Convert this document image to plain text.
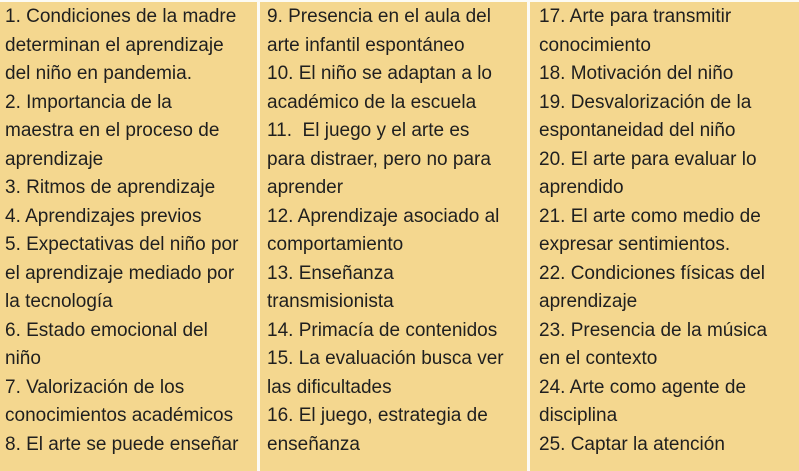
1. Condiciones de la madre determinan el aprendizaje del niño en pandemia.
2. Importancia de la maestra en el proceso de aprendizaje
3. Ritmos de aprendizaje
4. Aprendizajes previos
5. Expectativas del niño por el aprendizaje mediado por la tecnología
6. Estado emocional del niño
7. Valorización de los conocimientos académicos
8. El arte se puede enseñar
9. Presencia en el aula del arte infantil espontáneo
10. El niño se adaptan a lo académico de la escuela
11.  El juego y el arte es para distraer, pero no para aprender
12. Aprendizaje asociado al comportamiento
13. Enseñanza transmisionista
14. Primacía de contenidos
15. La evaluación busca ver las dificultades
16. El juego, estrategia de enseñanza
17. Arte para transmitir conocimiento
18. Motivación del niño
19. Desvalorización de la espontaneidad del niño
20. El arte para evaluar lo aprendido
21. El arte como medio de expresar sentimientos.
22. Condiciones físicas del aprendizaje
23. Presencia de la música en el contexto
24. Arte como agente de disciplina
25. Captar la atención
